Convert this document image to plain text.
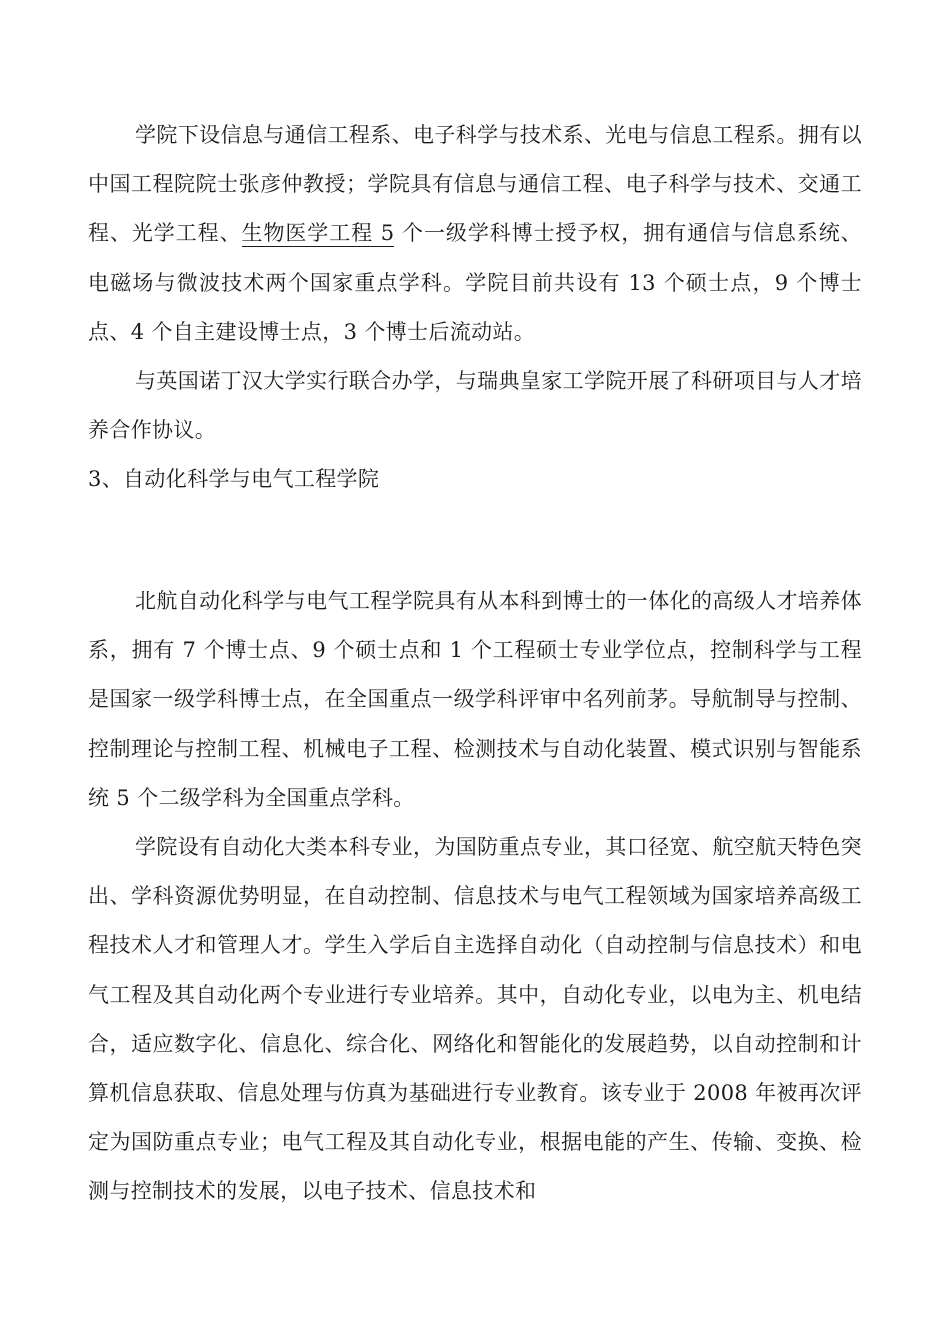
学院下设信息与通信工程系、电子科学与技术系、光电与信息工程系。拥有以中国工程院院士张彦仲教授；学院具有信息与通信工程、电子科学与技术、交通工程、光学工程、生物医学工程 5 个一级学科博士授予权，拥有通信与信息系统、电磁场与微波技术两个国家重点学科。学院目前共设有 13 个硕士点，9 个博士点、4 个自主建设博士点，3 个博士后流动站。

与英国诺丁汉大学实行联合办学，与瑞典皇家工学院开展了科研项目与人才培养合作协议。

3、自动化科学与电气工程学院

北航自动化科学与电气工程学院具有从本科到博士的一体化的高级人才培养体系，拥有 7 个博士点、9 个硕士点和 1 个工程硕士专业学位点，控制科学与工程是国家一级学科博士点，在全国重点一级学科评审中名列前茅。导航制导与控制、控制理论与控制工程、机械电子工程、检测技术与自动化装置、模式识别与智能系统 5 个二级学科为全国重点学科。

学院设有自动化大类本科专业，为国防重点专业，其口径宽、航空航天特色突出、学科资源优势明显，在自动控制、信息技术与电气工程领域为国家培养高级工程技术人才和管理人才。学生入学后自主选择自动化（自动控制与信息技术）和电气工程及其自动化两个专业进行专业培养。其中，自动化专业，以电为主、机电结合，适应数字化、信息化、综合化、网络化和智能化的发展趋势，以自动控制和计算机信息获取、信息处理与仿真为基础进行专业教育。该专业于 2008 年被再次评定为国防重点专业；电气工程及其自动化专业，根据电能的产生、传输、变换、检测与控制技术的发展，以电子技术、信息技术和
